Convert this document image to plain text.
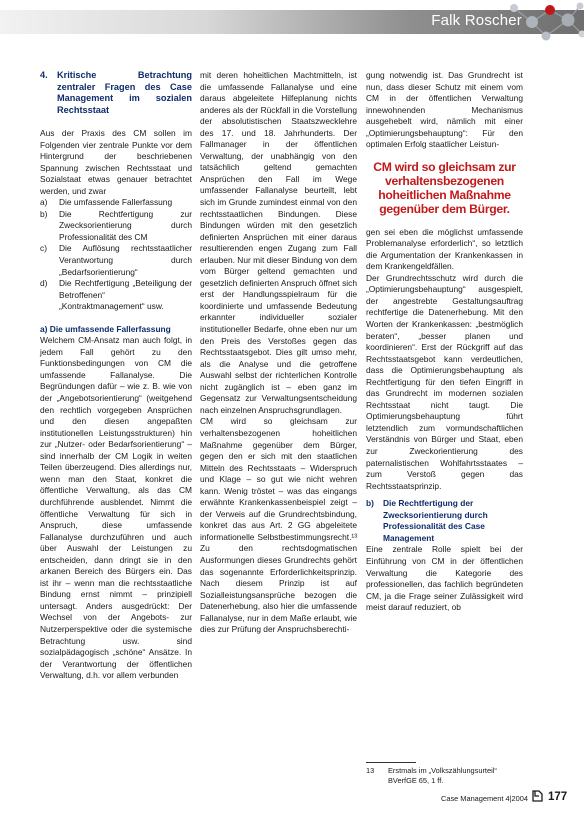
Falk Roscher
4.	Kritische Betrachtung zentraler Fragen des Case Management im sozialen Rechtsstaat

Aus der Praxis des CM sollen im Folgenden vier zentrale Punkte vor dem Hintergrund der beschriebenen Spannung zwischen Rechtsstaat und Sozialstaat etwas genauer betrachtet werden, und zwar

a)	Die umfassende Fallerfassung
b)	Die Rechtfertigung zur Zwecksorientierung durch Professionalität des CM
c)	Die Auflösung rechtsstaatlicher Verantwortung durch „Bedarfsorientierung“
d)	Die Rechtfertigung „Beteiligung der Betroffenen“ „Kontraktmanagement“ usw.
a) Die umfassende Fallerfassung

Welchem CM-Ansatz man auch folgt, in jedem Fall gehört zu den Funktionsbedingungen von CM die umfassende Fallanalyse. Die Begründungen dafür – wie z. B. wie von der „Angebotsorientierung“ (weitgehend den rechtlich vorgegeben Ansprüchen und den diesen angepaßten institutionellen Leistungsstrukturen) hin zur „Nutzer- oder Bedarfsorientierung“ – sind innerhalb der CM Logik in weiten Teilen überzeugend. Dies allerdings nur, wenn man den Staat, konkret die öffentliche Verwaltung, als das CM durchführende ausblendet. Nimmt die öffentliche Verwaltung für sich in Anspruch, diese umfassende Fallanalyse durchzuführen und auch über Auswahl der Leistungen zu entscheiden, dann dringt sie in den arkanen Bereich des Bürgers ein. Das ist ihr – wenn man die rechtsstaatliche Bindung ernst nimmt – prinzipiell untersagt. Anders ausgedrückt: Der Wechsel von der Angebots- zur Nutzerperspektive oder die systemische Betrachtung usw. sind sozialpädagogisch „schöne“ Ansätze. In der Verantwortung der öffentlichen Verwaltung, d.h. vor allem verbunden

mit deren hoheitlichen Machtmitteln, ist die umfassende Fallanalyse und eine daraus abgeleitete Hilfeplanung nichts anderes als der Rückfall in die Vorstellung der absolutistischen Staatszwecklehre des 17. und 18. Jahrhunderts. Der Fallmanager in der öffentlichen Verwaltung, der unabhängig von den tatsächlich geltend gemachten Ansprüchen den Fall im Wege umfassender Fallanalyse beurteilt, lebt sich im Grunde zumindest einmal von den rechtsstaatlichen Bindungen. Diese Bindungen würden mit den gesetzlich definierten Ansprüchen mit einer daraus resultierenden engen Zugang zum Fall erlauben. Nur mit dieser Bindung von dem vom Bürger geltend gemachten und gesetzlich definierten Anspruch öffnet sich erst der Handlungsspielraum für die koordinierte und umfassende Bedeutung erkannter individueller sozialer institutioneller Bedarfe, ohne eben nur um den Preis des Verstoßes gegen das Rechtsstaatsgebot. Dies gilt umso mehr, als die Analyse und die getroffene Auswahl selbst der richterlichen Kontrolle nicht zugänglich ist – eben ganz im Gegensatz zur Verwaltungsentscheidung nach einzelnen Anspruchsgrundlagen.

CM wird so gleichsam zur verhaltensbezogenen hoheitlichen Maßnahme gegenüber dem Bürger, gegen den er sich mit den staatlichen Mitteln des Rechtsstaats – Widerspruch und Klage – so gut wie nicht wehren kann. Wenig tröstet – was das eingangs erwähnte Krankenkassenbeispiel zeigt – der Verweis auf die Grundrechtsbindung, konkret das aus Art. 2 GG abgeleitete informationelle Selbstbestimmungsrecht.¹³ Zu den rechtsdogmatischen Ausformungen dieses Grundrechts gehört das sogenannte Erforderlichkeitsprinzip. Nach diesem Prinzip ist auf Sozialleistungsansprüche bezogen die Datenerhebung, also hier die umfassende Fallanalyse, nur in dem Maße erlaubt, wie dies zur Prüfung der Anspruchsberechti-

gung notwendig ist. Das Grundrecht ist nun, dass dieser Schutz mit einem vom CM in der öffentlichen Verwaltung innewohnenden Mechanismus ausgehebelt wird, nämlich mit einer „Optimierungsbehauptung“: Für den optimalen Erfolg staatlicher Leistun-

CM wird so gleichsam zur verhaltensbezogenen hoheitlichen Maßnahme gegenüber dem Bürger.

gen sei eben die möglichst umfassende Problemanalyse erforderlich“, so letztlich die Argumentation der Krankenkassen in dem Krankengeldfällen.

Der Grundrechtsschutz wird durch die „Optimierungsbehauptung“ ausgespielt, der angestrebte Gestaltungsauftrag rechtfertige die Datenerhebung. Mit den Worten der Krankenkassen: „bestmöglich beraten“, „besser planen und koordinieren“. Erst der Rückgriff auf das Rechtsstaatsgebot kann verdeutlichen, dass die Optimierungsbehauptung als Rechtfertigung für den tiefen Eingriff in das Grundrecht im modernen sozialen Rechtsstaat nicht taugt. Die Optimierungsbehauptung führt letztendlich zum vormundschaftlichen Verständnis von Bürger und Staat, eben zur Zweckorientierung des paternalistischen Wohlfahrtsstaates – zum Verstoß gegen das Rechtsstaatsprinzip.

b)	Die Rechtfertigung der Zwecksorientierung durch Professionalität des Case Management

Eine zentrale Rolle spielt bei der Einführung von CM in der öffentlichen Verwaltung die Kategorie des professionellen, das fachlich begründeten CM, ja die Frage seiner Zulässigkeit wird meist darauf reduziert, ob

13	Erstmals im „Volkszählungsurteil“ BVerfGE 65, 1 ff.
Case Management 4|2004 177
